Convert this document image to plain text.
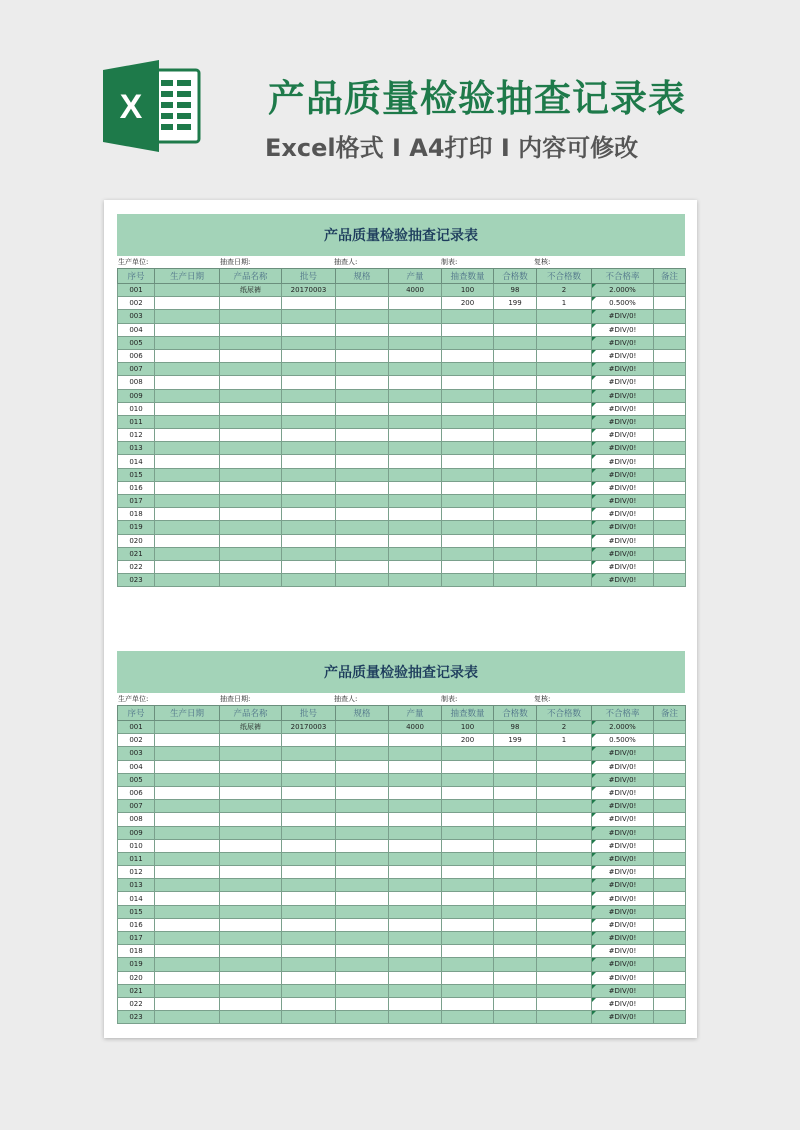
X	产品质量检验抽查记录表
Excel格式 I A4打印 I 内容可修改
产品质量检验抽查记录表
生产单位:	抽查日期:	抽查人:	制表:	复核:
序号	生产日期	产品名称	批号	规格	产量	抽查数量	合格数	不合格数	不合格率	备注
001		纸尿裤	20170003		4000	100	98	2	2.000%	
002						200	199	1	0.500%	
003									#DIV/0!	
004									#DIV/0!	
005									#DIV/0!	
006									#DIV/0!	
007									#DIV/0!	
008									#DIV/0!	
009									#DIV/0!	
010									#DIV/0!	
011									#DIV/0!	
012									#DIV/0!	
013									#DIV/0!	
014									#DIV/0!	
015									#DIV/0!	
016									#DIV/0!	
017									#DIV/0!	
018									#DIV/0!	
019									#DIV/0!	
020									#DIV/0!	
021									#DIV/0!	
022									#DIV/0!	
023									#DIV/0!	
产品质量检验抽查记录表
生产单位:	抽查日期:	抽查人:	制表:	复核:
序号	生产日期	产品名称	批号	规格	产量	抽查数量	合格数	不合格数	不合格率	备注
001		纸尿裤	20170003		4000	100	98	2	2.000%	
002						200	199	1	0.500%	
003									#DIV/0!	
004									#DIV/0!	
005									#DIV/0!	
006									#DIV/0!	
007									#DIV/0!	
008									#DIV/0!	
009									#DIV/0!	
010									#DIV/0!	
011									#DIV/0!	
012									#DIV/0!	
013									#DIV/0!	
014									#DIV/0!	
015									#DIV/0!	
016									#DIV/0!	
017									#DIV/0!	
018									#DIV/0!	
019									#DIV/0!	
020									#DIV/0!	
021									#DIV/0!	
022									#DIV/0!	
023									#DIV/0!	
